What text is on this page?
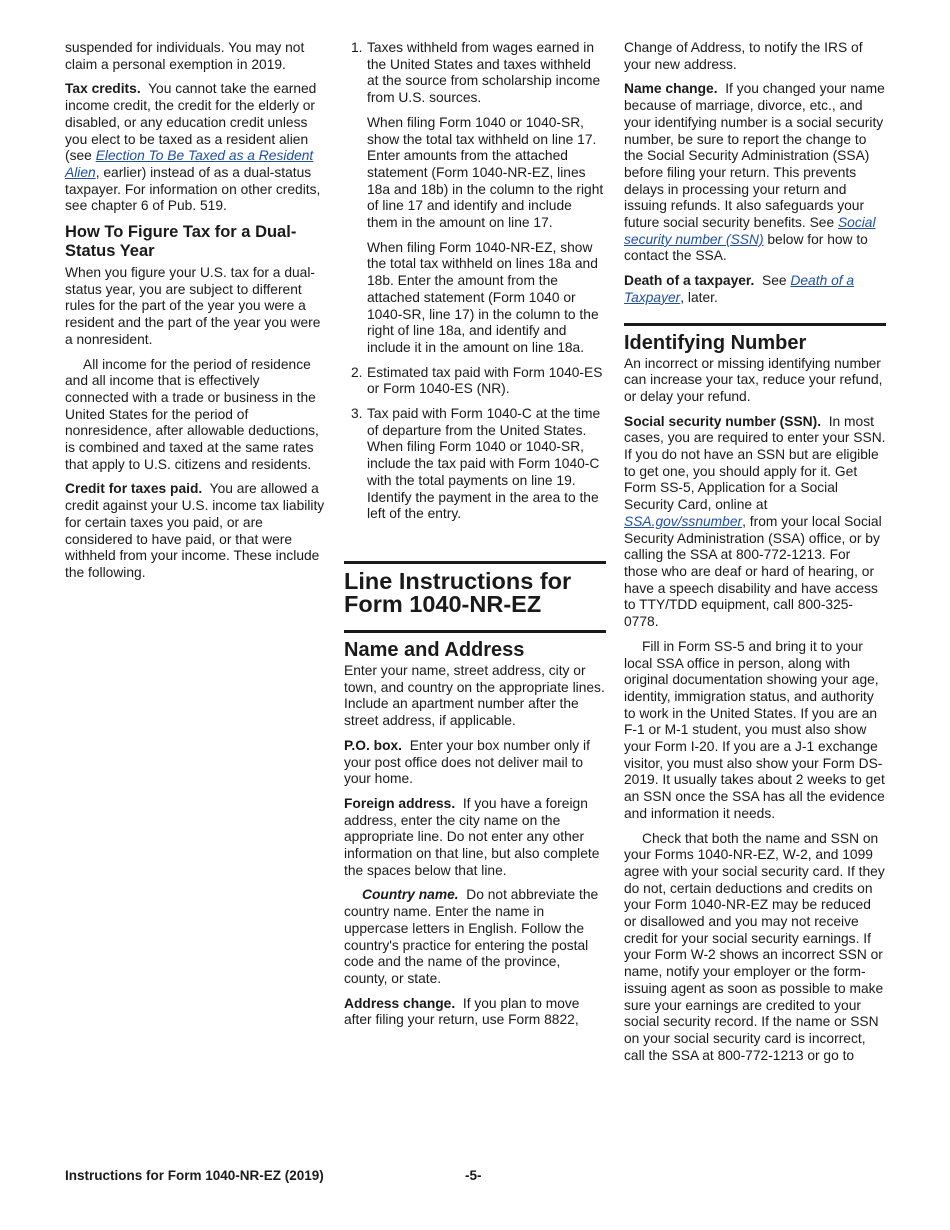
suspended for individuals. You may not claim a personal exemption in 2019.

Tax credits. You cannot take the earned income credit, the credit for the elderly or disabled, or any education credit unless you elect to be taxed as a resident alien (see Election To Be Taxed as a Resident Alien, earlier) instead of as a dual-status taxpayer. For information on other credits, see chapter 6 of Pub. 519.

How To Figure Tax for a Dual-Status Year

When you figure your U.S. tax for a dual-status year, you are subject to different rules for the part of the year you were a resident and the part of the year you were a nonresident.

All income for the period of residence and all income that is effectively connected with a trade or business in the United States for the period of nonresidence, after allowable deductions, is combined and taxed at the same rates that apply to U.S. citizens and residents.

Credit for taxes paid. You are allowed a credit against your U.S. income tax liability for certain taxes you paid, or are considered to have paid, or that were withheld from your income. These include the following.

1. Taxes withheld from wages earned in the United States and taxes withheld at the source from scholarship income from U.S. sources.

When filing Form 1040 or 1040-SR, show the total tax withheld on line 17. Enter amounts from the attached statement (Form 1040-NR-EZ, lines 18a and 18b) in the column to the right of line 17 and identify and include them in the amount on line 17.

When filing Form 1040-NR-EZ, show the total tax withheld on lines 18a and 18b. Enter the amount from the attached statement (Form 1040 or 1040-SR, line 17) in the column to the right of line 18a, and identify and include it in the amount on line 18a.

2. Estimated tax paid with Form 1040-ES or Form 1040-ES (NR).

3. Tax paid with Form 1040-C at the time of departure from the United States. When filing Form 1040 or 1040-SR, include the tax paid with Form 1040-C with the total payments on line 19. Identify the payment in the area to the left of the entry.

Line Instructions for Form 1040-NR-EZ
Name and Address

Enter your name, street address, city or town, and country on the appropriate lines. Include an apartment number after the street address, if applicable.

P.O. box. Enter your box number only if your post office does not deliver mail to your home.

Foreign address. If you have a foreign address, enter the city name on the appropriate line. Do not enter any other information on that line, but also complete the spaces below that line.

Country name. Do not abbreviate the country name. Enter the name in uppercase letters in English. Follow the country's practice for entering the postal code and the name of the province, county, or state.

Address change. If you plan to move after filing your return, use Form 8822,

Change of Address, to notify the IRS of your new address.

Name change. If you changed your name because of marriage, divorce, etc., and your identifying number is a social security number, be sure to report the change to the Social Security Administration (SSA) before filing your return. This prevents delays in processing your return and issuing refunds. It also safeguards your future social security benefits. See Social security number (SSN) below for how to contact the SSA.

Death of a taxpayer. See Death of a Taxpayer, later.

Identifying Number

An incorrect or missing identifying number can increase your tax, reduce your refund, or delay your refund.

Social security number (SSN). In most cases, you are required to enter your SSN. If you do not have an SSN but are eligible to get one, you should apply for it. Get Form SS-5, Application for a Social Security Card, online at SSA.gov/ssnumber, from your local Social Security Administration (SSA) office, or by calling the SSA at 800-772-1213. For those who are deaf or hard of hearing, or have a speech disability and have access to TTY/TDD equipment, call 800-325-0778.

Fill in Form SS-5 and bring it to your local SSA office in person, along with original documentation showing your age, identity, immigration status, and authority to work in the United States. If you are an F-1 or M-1 student, you must also show your Form I-20. If you are a J-1 exchange visitor, you must also show your Form DS-2019. It usually takes about 2 weeks to get an SSN once the SSA has all the evidence and information it needs.

Check that both the name and SSN on your Forms 1040-NR-EZ, W-2, and 1099 agree with your social security card. If they do not, certain deductions and credits on your Form 1040-NR-EZ may be reduced or disallowed and you may not receive credit for your social security earnings. If your Form W-2 shows an incorrect SSN or name, notify your employer or the form-issuing agent as soon as possible to make sure your earnings are credited to your social security record. If the name or SSN on your social security card is incorrect, call the SSA at 800-772-1213 or go to

Instructions for Form 1040-NR-EZ (2019)	-5-
